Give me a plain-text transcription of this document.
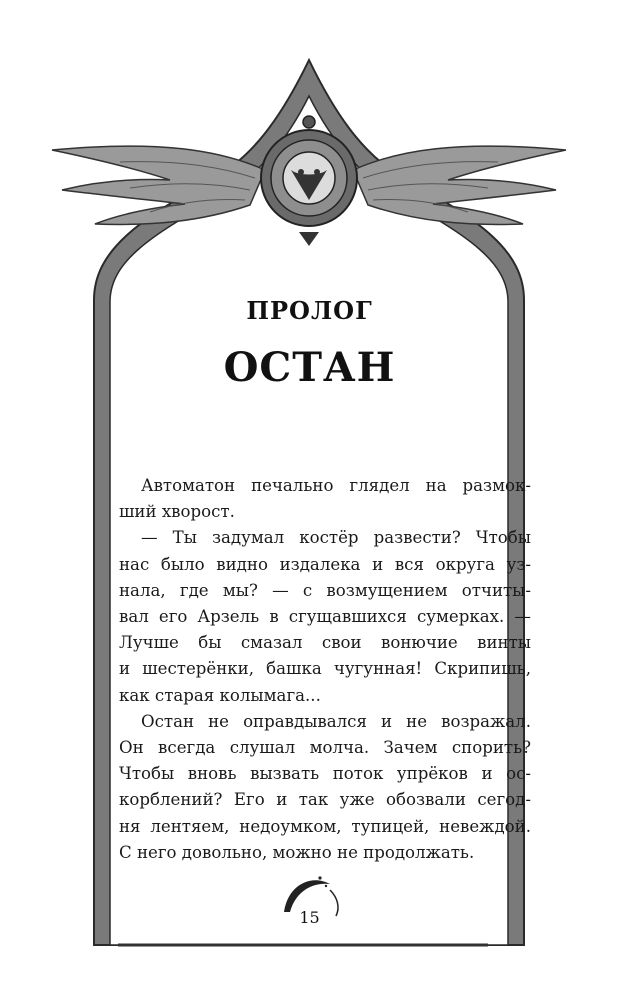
ПРОЛОГ
ОСТАН
Автоматон печально глядел на размок-
ший хворост.
— Ты задумал костёр развести? Чтобы
нас было видно издалека и вся округа уз-
нала, где мы? — с возмущением отчиты-
вал его Арзель в сгущавшихся сумерках. —
Лучше бы смазал свои вонючие винты
и шестерёнки, башка чугунная! Скрипишь,
как старая колымага...
Остан не оправдывался и не возражал.
Он всегда слушал молча. Зачем спорить?
Чтобы вновь вызвать поток упрёков и ос-
корблений? Его и так уже обозвали сегод-
ня лентяем, недоумком, тупицей, невеждой.
С него довольно, можно не продолжать.
15
